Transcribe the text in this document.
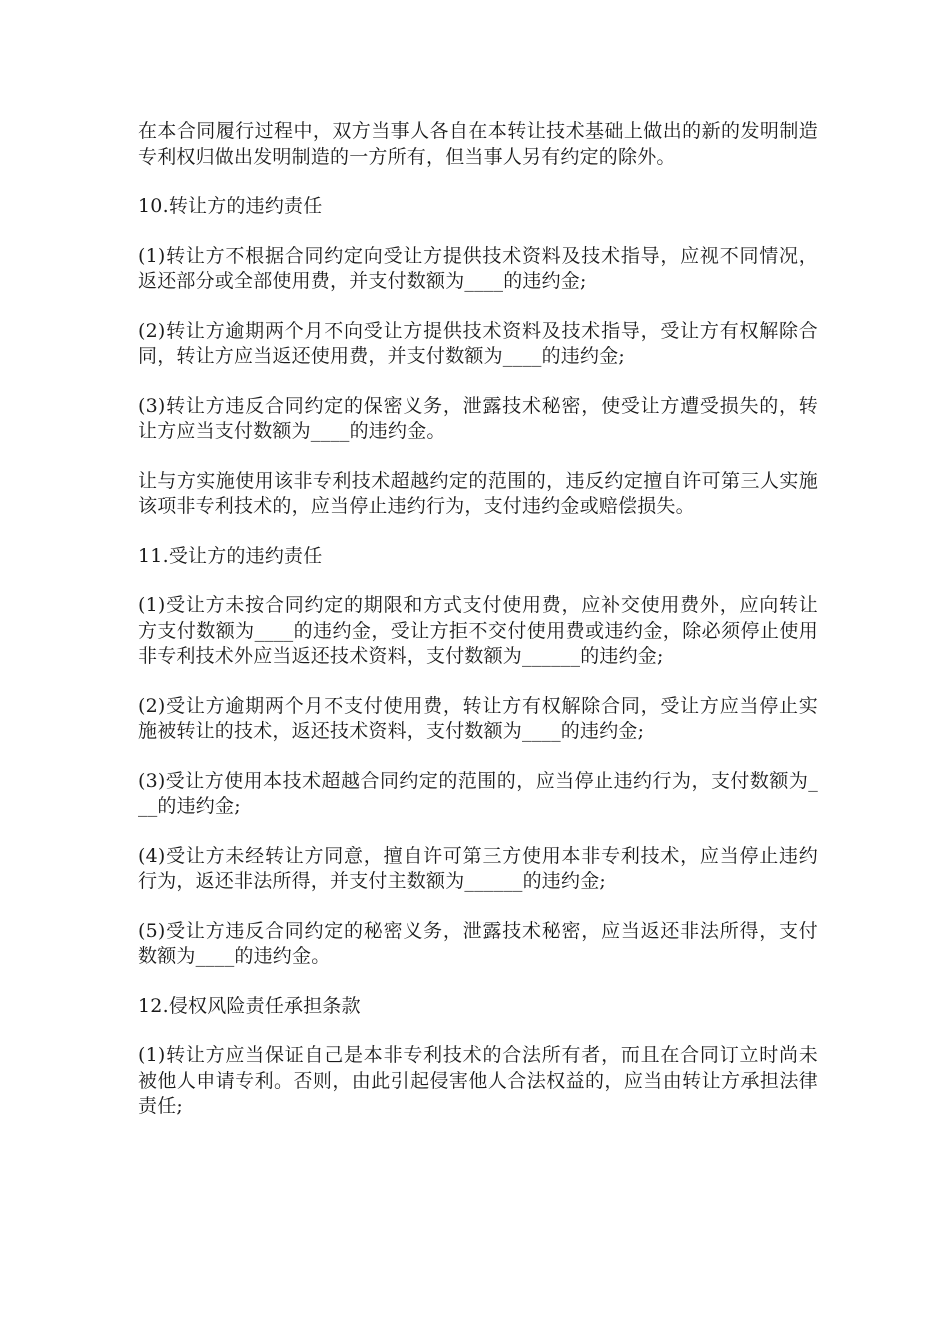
在本合同履行过程中，双方当事人各自在本转让技术基础上做出的新的发明制造专利权归做出发明制造的一方所有，但当事人另有约定的除外。

10.转让方的违约责任

(1)转让方不根据合同约定向受让方提供技术资料及技术指导，应视不同情况，返还部分或全部使用费，并支付数额为____的违约金;

(2)转让方逾期两个月不向受让方提供技术资料及技术指导，受让方有权解除合同，转让方应当返还使用费，并支付数额为____的违约金;

(3)转让方违反合同约定的保密义务，泄露技术秘密，使受让方遭受损失的，转让方应当支付数额为____的违约金。

让与方实施使用该非专利技术超越约定的范围的，违反约定擅自许可第三人实施该项非专利技术的，应当停止违约行为，支付违约金或赔偿损失。

11.受让方的违约责任

(1)受让方未按合同约定的期限和方式支付使用费，应补交使用费外，应向转让方支付数额为____的违约金，受让方拒不交付使用费或违约金，除必须停止使用非专利技术外应当返还技术资料，支付数额为______的违约金;

(2)受让方逾期两个月不支付使用费，转让方有权解除合同，受让方应当停止实施被转让的技术，返还技术资料，支付数额为____的违约金;

(3)受让方使用本技术超越合同约定的范围的，应当停止违约行为，支付数额为___的违约金;

(4)受让方未经转让方同意，擅自许可第三方使用本非专利技术，应当停止违约行为，返还非法所得，并支付主数额为______的违约金;

(5)受让方违反合同约定的秘密义务，泄露技术秘密，应当返还非法所得，支付数额为____的违约金。

12.侵权风险责任承担条款

(1)转让方应当保证自己是本非专利技术的合法所有者，而且在合同订立时尚未被他人申请专利。否则，由此引起侵害他人合法权益的，应当由转让方承担法律责任;
